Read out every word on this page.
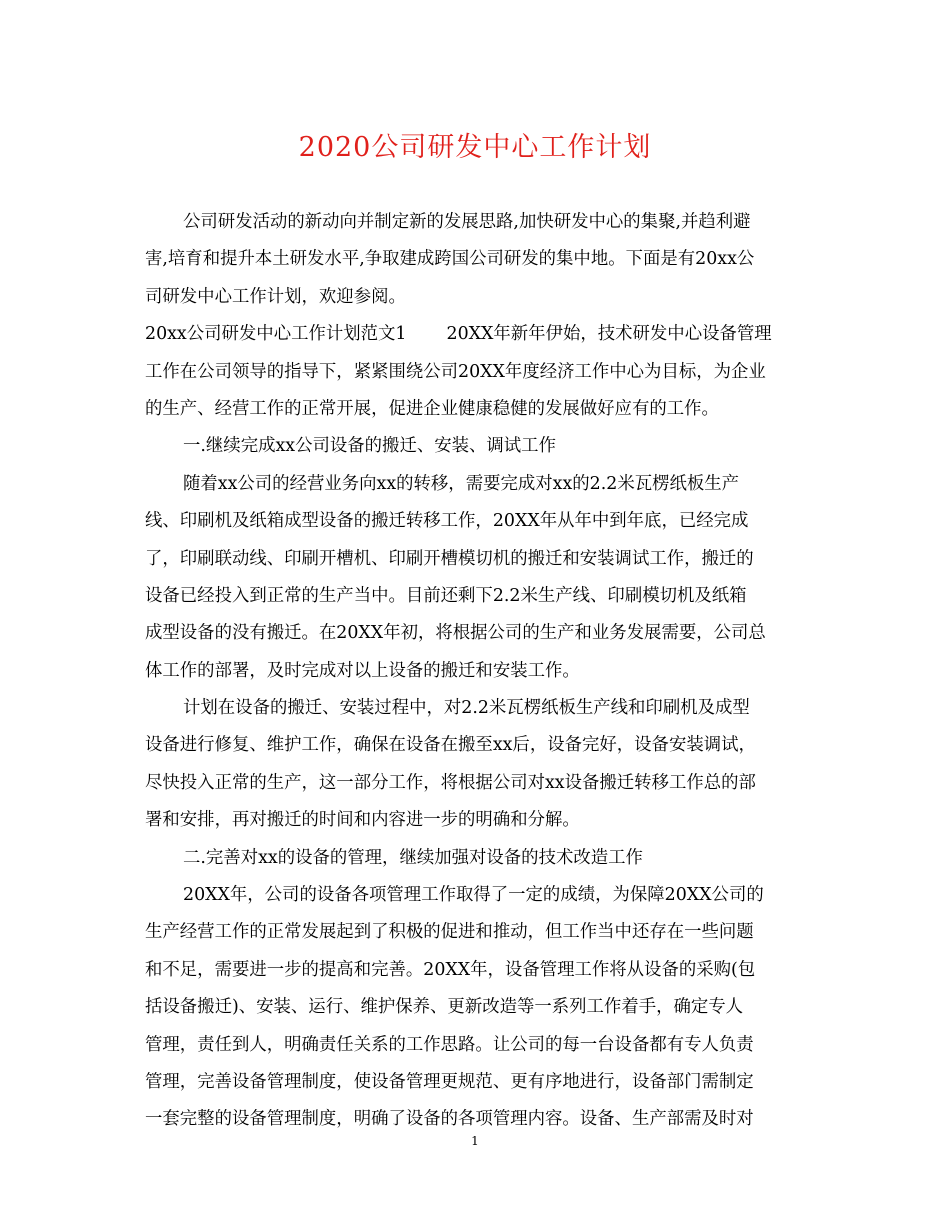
2020公司研发中心工作计划
公司研发活动的新动向并制定新的发展思路,加快研发中心的集聚,并趋利避
害,培育和提升本土研发水平,争取建成跨国公司研发的集中地。下面是有20xx公
司研发中心工作计划，欢迎参阅。
20xx公司研发中心工作计划范文1 20XX年新年伊始，技术研发中心设备管理
工作在公司领导的指导下，紧紧围绕公司20XX年度经济工作中心为目标，为企业
的生产、经营工作的正常开展，促进企业健康稳健的发展做好应有的工作。
一.继续完成xx公司设备的搬迁、安装、调试工作
随着xx公司的经营业务向xx的转移，需要完成对xx的2.2米瓦楞纸板生产
线、印刷机及纸箱成型设备的搬迁转移工作，20XX年从年中到年底，已经完成
了，印刷联动线、印刷开槽机、印刷开槽模切机的搬迁和安装调试工作，搬迁的
设备已经投入到正常的生产当中。目前还剩下2.2米生产线、印刷模切机及纸箱
成型设备的没有搬迁。在20XX年初，将根据公司的生产和业务发展需要，公司总
体工作的部署，及时完成对以上设备的搬迁和安装工作。
计划在设备的搬迁、安装过程中，对2.2米瓦楞纸板生产线和印刷机及成型
设备进行修复、维护工作，确保在设备在搬至xx后，设备完好，设备安装调试，
尽快投入正常的生产，这一部分工作，将根据公司对xx设备搬迁转移工作总的部
署和安排，再对搬迁的时间和内容进一步的明确和分解。
二.完善对xx的设备的管理，继续加强对设备的技术改造工作
20XX年，公司的设备各项管理工作取得了一定的成绩，为保障20XX公司的
生产经营工作的正常发展起到了积极的促进和推动，但工作当中还存在一些问题
和不足，需要进一步的提高和完善。20XX年，设备管理工作将从设备的采购(包
括设备搬迁)、安装、运行、维护保养、更新改造等一系列工作着手，确定专人
管理，责任到人，明确责任关系的工作思路。让公司的每一台设备都有专人负责
管理，完善设备管理制度，使设备管理更规范、更有序地进行，设备部门需制定
一套完整的设备管理制度，明确了设备的各项管理内容。设备、生产部需及时对
1
